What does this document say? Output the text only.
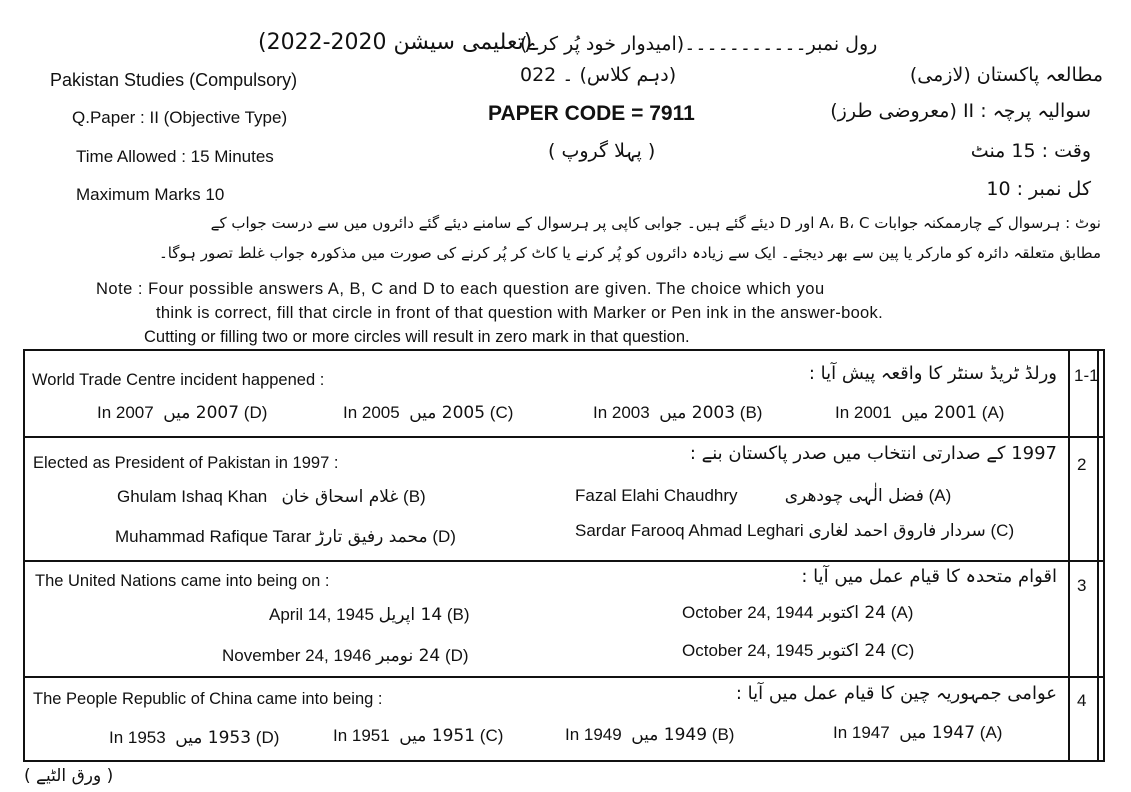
(تعلیمی سیشن 2020-2022)
رول نمبر۔۔۔۔۔۔۔۔۔۔۔(امیدوار خود پُر کرے)
Pakistan Studies (Compulsory)	(دہم کلاس) ۔ 022	مطالعہ پاکستان (لازمی)
Q.Paper : II (Objective Type)	PAPER CODE = 7911	سوالیہ پرچہ : II (معروضی طرز)
Time Allowed : 15 Minutes	( پہلا گروپ )	وقت : 15 منٹ
Maximum Marks 10	کل نمبر : 10
نوٹ : ہرسوال کے چارممکنہ جوابات A، B، C اور D دیئے گئے ہیں۔ جوابی کاپی پر ہرسوال کے سامنے دیئے گئے دائروں میں سے درست جواب کے
مطابق متعلقہ دائرہ کو مارکر یا پین سے بھر دیجئے۔ ایک سے زیادہ دائروں کو پُر کرنے یا کاٹ کر پُر کرنے کی صورت میں مذکورہ جواب غلط تصور ہوگا۔
Note : Four possible answers A, B, C and D to each question are given. The choice which you
think is correct, fill that circle in front of that question with Marker or Pen ink in the answer-book.
Cutting or filling two or more circles will result in zero mark in that question.
1-1
World Trade Centre incident happened :	ورلڈ ٹریڈ سنٹر کا واقعہ پیش آیا :
In 2001 2001 میں (A)
In 2003 2003 میں (B)
In 2005 2005 میں (C)
In 2007 2007 میں (D)
2
Elected as President of Pakistan in 1997 :	1997 کے صدارتی انتخاب میں صدر پاکستان بنے :
Fazal Elahi Chaudhry	فضل الٰہی چودھری (A)
Ghulam Ishaq Khan غلام اسحاق خان (B)
Sardar Farooq Ahmad Leghari سردار فاروق احمد لغاری (C)
Muhammad Rafique Tarar محمد رفیق تارڑ (D)
3
The United Nations came into being on :	اقوام متحدہ کا قیام عمل میں آیا :
October 24, 1944 24 اکتوبر (A)
April 14, 1945 14 اپریل (B)
October 24, 1945 24 اکتوبر (C)
November 24, 1946 24 نومبر (D)
4
The People Republic of China came into being :	عوامی جمہوریہ چین کا قیام عمل میں آیا :
In 1947 1947 میں (A)
In 1949 1949 میں (B)
In 1951 1951 میں (C)
In 1953 1953 میں (D)
( ورق الٹیے )
